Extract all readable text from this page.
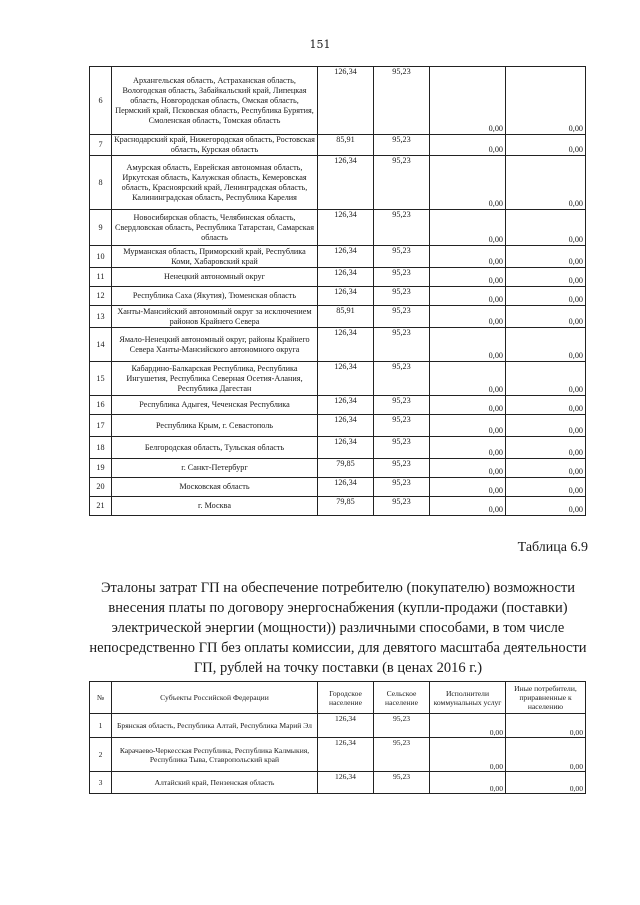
151
6	Архангельская область, Астраханская область, Вологодская область, Забайкальский край, Липецкая область, Новгородская область, Омская область, Пермский край, Псковская область, Республика Бурятия, Смоленская область, Томская область	126,34	95,23	0,00	0,00
7	Краснодарский край, Нижегородская область, Ростовская область, Курская область	85,91	95,23	0,00	0,00
8	Амурская область, Еврейская автономная область, Иркутская область, Калужская область, Кемеровская область, Красноярский край, Ленинградская область, Калининградская область, Республика Карелия	126,34	95,23	0,00	0,00
9	Новосибирская область, Челябинская область, Свердловская область, Республика Татарстан, Самарская область	126,34	95,23	0,00	0,00
10	Мурманская область, Приморский край, Республика Коми, Хабаровский край	126,34	95,23	0,00	0,00
11	Ненецкий автономный округ	126,34	95,23	0,00	0,00
12	Республика Саха (Якутия), Тюменская область	126,34	95,23	0,00	0,00
13	Ханты-Мансийский автономный округ за исключением районов Крайнего Севера	85,91	95,23	0,00	0,00
14	Ямало-Ненецкий автономный округ, районы Крайнего Севера Ханты-Мансийского автономного округа	126,34	95,23	0,00	0,00
15	Кабардино-Балкарская Республика, Республика Ингушетия, Республика Северная Осетия-Алания, Республика Дагестан	126,34	95,23	0,00	0,00
16	Республика Адыгея, Чеченская Республика	126,34	95,23	0,00	0,00
17	Республика Крым, г. Севастополь	126,34	95,23	0,00	0,00
18	Белгородская область, Тульская область	126,34	95,23	0,00	0,00
19	г. Санкт-Петербург	79,85	95,23	0,00	0,00
20	Московская область	126,34	95,23	0,00	0,00
21	г. Москва	79,85	95,23	0,00	0,00
Таблица 6.9
Эталоны затрат ГП на обеспечение потребителю (покупателю) возможности внесения платы по договору энергоснабжения (купли-продажи (поставки) электрической энергии (мощности)) различными способами, в том числе непосредственно ГП без оплаты комиссии, для девятого масштаба деятельности ГП, рублей на точку поставки (в ценах 2016 г.)
№	Субъекты Российской Федерации	Городское население	Сельское население	Исполнители коммунальных услуг	Иные потребители, приравненные к населению
1	Брянская область, Республика Алтай, Республика Марий Эл	126,34	95,23	0,00	0,00
2	Карачаево-Черкесская Республика, Республика Калмыкия, Республика Тыва, Ставропольский край	126,34	95,23	0,00	0,00
3	Алтайский край, Пензенская область	126,34	95,23	0,00	0,00
